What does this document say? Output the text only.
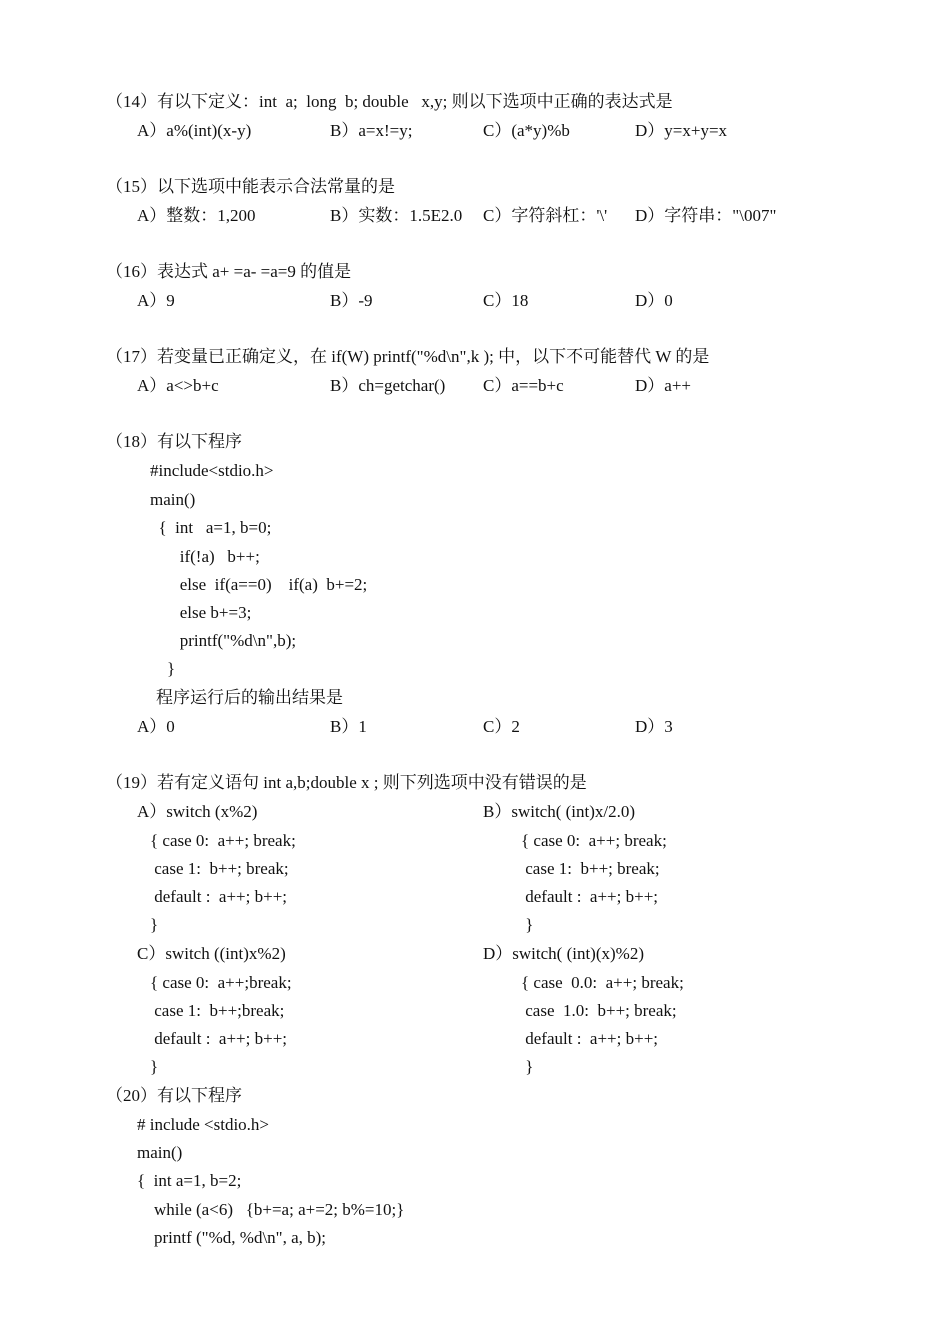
（14）有以下定义：int  a;  long  b; double   x,y; 则以下选项中正确的表达式是
A）a%(int)(x-y)	B）a=x!=y;	C）(a*y)%b	D）y=x+y=x
（15）以下选项中能表示合法常量的是
A）整数：1,200	B）实数：1.5E2.0 C）字符斜杠：'\' D）字符串："\007"
（16）表达式 a+ =a- =a=9 的值是
A）9	B）-9	C）18	D）0
（17）若变量已正确定义，在 if(W) printf("%d\n",k ); 中，以下不可能替代 W 的是
A）a<>b+c	B）ch=getchar() C）a==b+c	D）a++
（18）有以下程序
#include<stdio.h>
main()
{  int   a=1, b=0;
if(!a)   b++;
else  if(a==0)    if(a)  b+=2;
else b+=3;
printf("%d\n",b);
}
程序运行后的输出结果是
A）0	B）1	C）2	D）3
（19）若有定义语句 int a,b;double x ; 则下列选项中没有错误的是
A）switch (x%2)
{ case 0:  a++; break;
case 1:  b++; break;
default :  a++; b++;
}
B）switch( (int)x/2.0)
{ case 0:  a++; break;
case 1:  b++; break;
default :  a++; b++;
}
C）switch ((int)x%2)
{ case 0:  a++;break;
case 1:  b++;break;
default :  a++; b++;
}
D）switch( (int)(x)%2)
{ case  0.0:  a++; break;
case  1.0:  b++; break;
default :  a++; b++;
}
（20）有以下程序
# include <stdio.h>
main()
{  int a=1, b=2;
while (a<6)   {b+=a; a+=2; b%=10;}
printf ("%d, %d\n", a, b);
